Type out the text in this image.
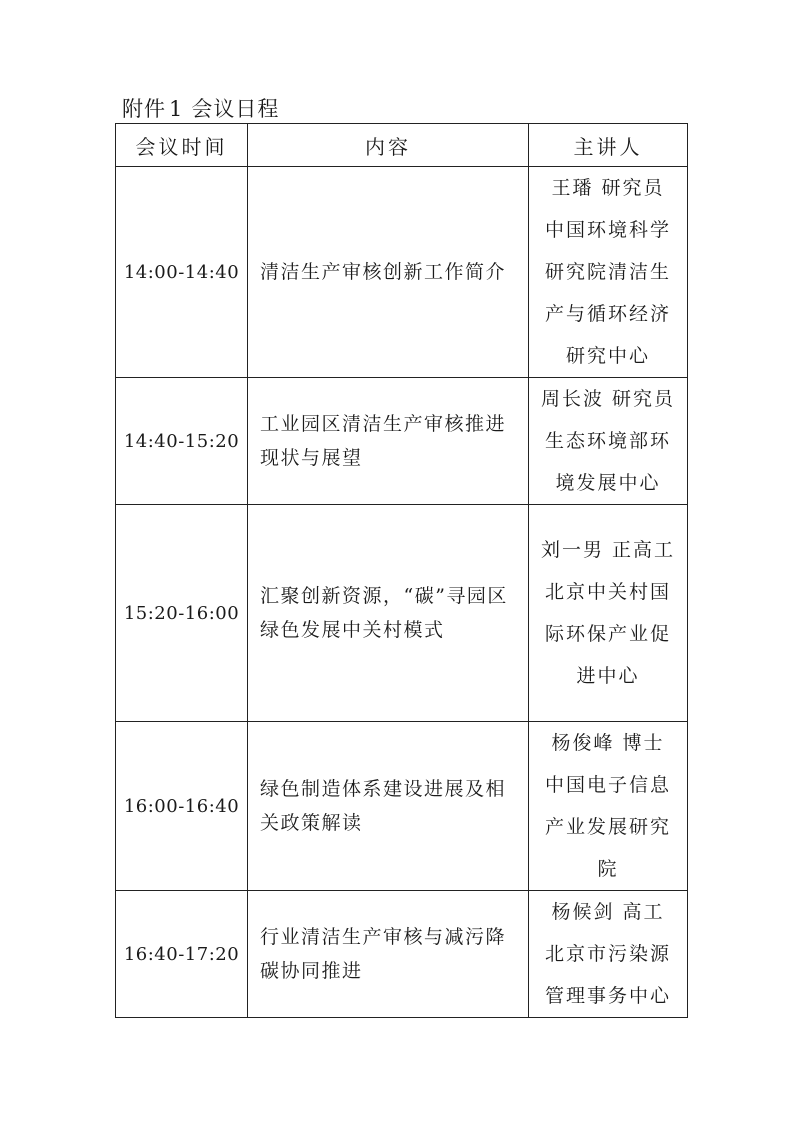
附件 1 会议日程
会议时间	内容	主讲人
14:00-14:40	清洁生产审核创新工作简介	王璠 研究员
中国环境科学
研究院清洁生
产与循环经济
研究中心

14:40-15:20	工业园区清洁生产审核推进现状与展望	周长波 研究员
生态环境部环
境发展中心

15:20-16:00	汇聚创新资源，“碳”寻园区绿色发展中关村模式	刘一男 正高工
北京中关村国
际环保产业促
进中心

16:00-16:40	绿色制造体系建设进展及相关政策解读	杨俊峰 博士
中国电子信息
产业发展研究
院

16:40-17:20	行业清洁生产审核与减污降碳协同推进	杨候剑 高工
北京市污染源
管理事务中心
